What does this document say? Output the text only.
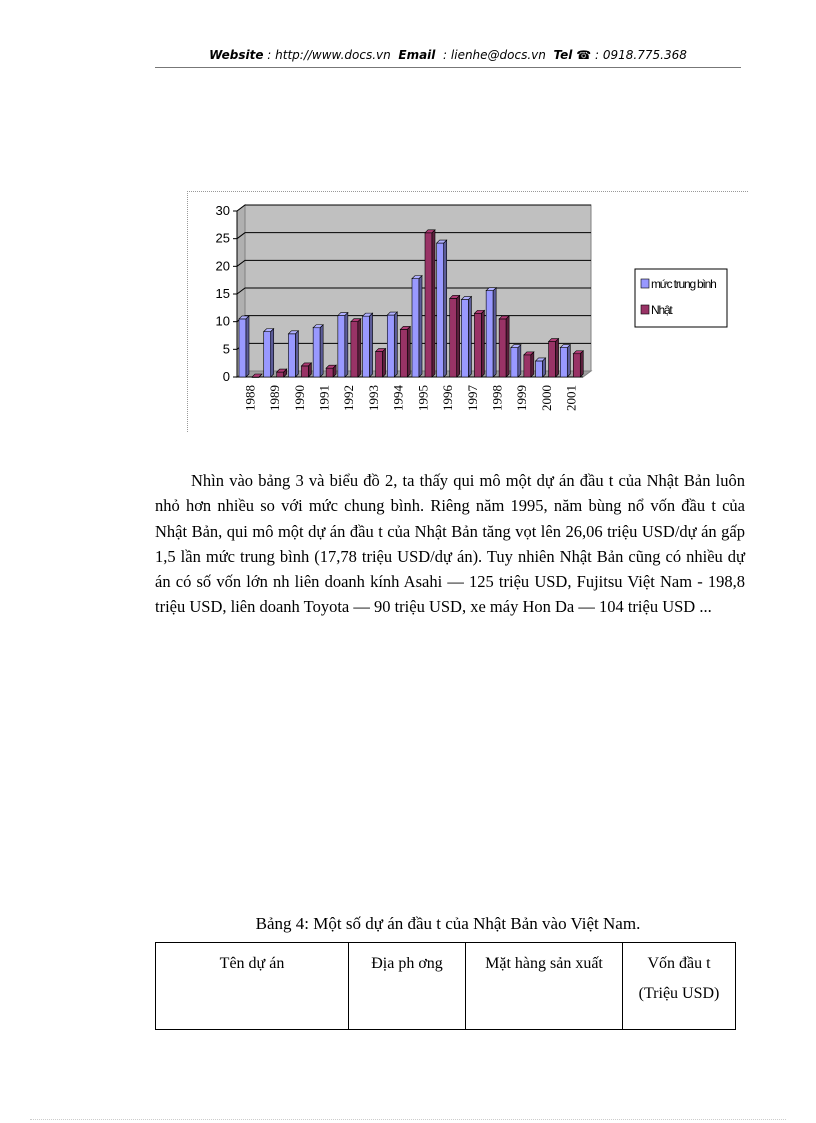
Website : http://www.docs.vn Email : lienhe@docs.vn Tel ☎ : 0918.775.368
0
5
10
15
20
25
30
1988 1989 1990 1991 1992 1993 1994 1995 1996 1997 1998 1999 2000 2001
mức trung bình
Nhật

Nhìn vào bảng 3 và biểu đồ 2, ta thấy qui mô một dự án đầu t của Nhật Bản luôn nhỏ hơn nhiều so với mức chung bình. Riêng năm 1995, năm bùng nổ vốn đầu t của Nhật Bản, qui mô một dự án đầu t của Nhật Bản tăng vọt lên 26,06 triệu USD/dự án gấp 1,5 lần mức trung bình (17,78 triệu USD/dự án). Tuy nhiên Nhật Bản cũng có nhiều dự án có số vốn lớn nh liên doanh kính Asahi — 125 triệu USD, Fujitsu Việt Nam - 198,8 triệu USD, liên doanh Toyota — 90 triệu USD, xe máy Hon Da — 104 triệu USD ...

Bảng 4: Một số dự án đầu t của Nhật Bản vào Việt Nam.
Tên dự án	Địa ph ơng	Mặt hàng sản xuất	Vốn đầu t
(Triệu USD)
